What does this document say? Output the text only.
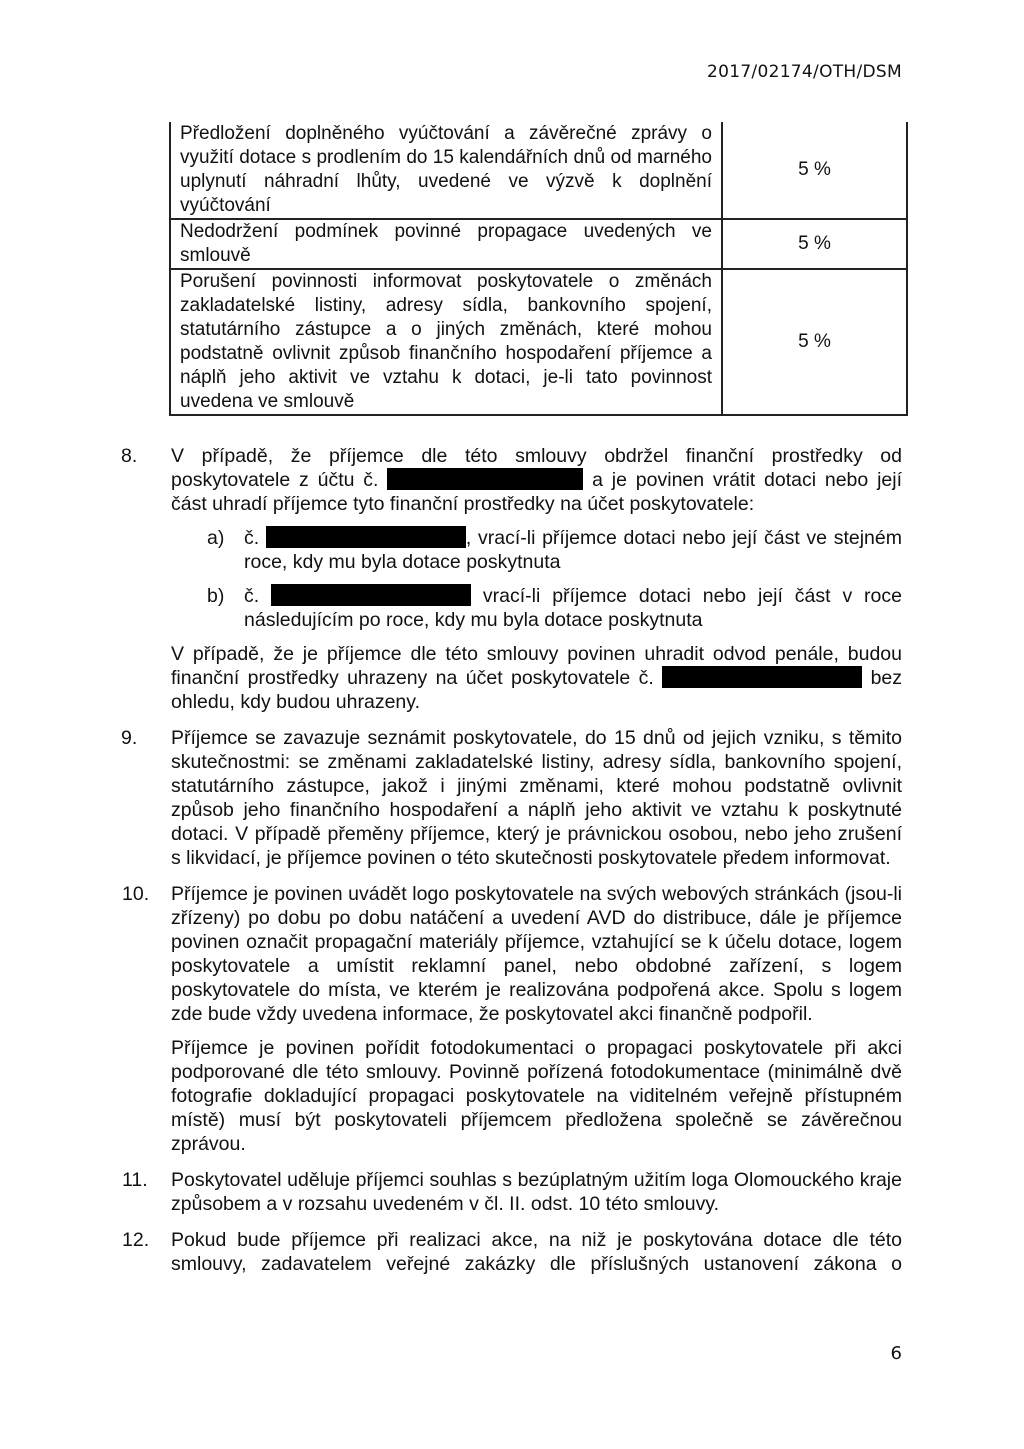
2017/02174/OTH/DSM
Předložení doplněného vyúčtování a závěrečné zprávy o využití dotace s prodlením do 15 kalendářních dnů od marného uplynutí náhradní lhůty, uvedené ve výzvě k doplnění vyúčtování	5 %
Nedodržení podmínek povinné propagace uvedených ve smlouvě	5 %
Porušení povinnosti informovat poskytovatele o změnách zakladatelské listiny, adresy sídla, bankovního spojení, statutárního zástupce a o jiných změnách, které mohou podstatně ovlivnit způsob finančního hospodaření příjemce a náplň jeho aktivit ve vztahu k dotaci, je-li tato povinnost uvedena ve smlouvě	5 %
8. V případě, že příjemce dle této smlouvy obdržel finanční prostředky od poskytovatele z účtu č.	a je povinen vrátit dotaci nebo její část uhradí příjemce tyto finanční prostředky na účet poskytovatele:
a) č.	, vrací-li příjemce dotaci nebo její část ve stejném roce, kdy mu byla dotace poskytnuta
b) č.	vrací-li příjemce dotaci nebo její část v roce následujícím po roce, kdy mu byla dotace poskytnuta
V případě, že je příjemce dle této smlouvy povinen uhradit odvod penále, budou finanční prostředky uhrazeny na účet poskytovatele č.	bez ohledu, kdy budou uhrazeny.
9. Příjemce se zavazuje seznámit poskytovatele, do 15 dnů od jejich vzniku, s těmito skutečnostmi: se změnami zakladatelské listiny, adresy sídla, bankovního spojení, statutárního zástupce, jakož i jinými změnami, které mohou podstatně ovlivnit způsob jeho finančního hospodaření a náplň jeho aktivit ve vztahu k poskytnuté dotaci. V případě přeměny příjemce, který je právnickou osobou, nebo jeho zrušení s likvidací, je příjemce povinen o této skutečnosti poskytovatele předem informovat.
10. Příjemce je povinen uvádět logo poskytovatele na svých webových stránkách (jsou-li zřízeny) po dobu po dobu natáčení a uvedení AVD do distribuce, dále je příjemce povinen označit propagační materiály příjemce, vztahující se k účelu dotace, logem poskytovatele a umístit reklamní panel, nebo obdobné zařízení, s logem poskytovatele do místa, ve kterém je realizována podpořená akce. Spolu s logem zde bude vždy uvedena informace, že poskytovatel akci finančně podpořil.
Příjemce je povinen pořídit fotodokumentaci o propagaci poskytovatele při akci podporované dle této smlouvy. Povinně pořízená fotodokumentace (minimálně dvě fotografie dokladující propagaci poskytovatele na viditelném veřejně přístupném místě) musí být poskytovateli příjemcem předložena společně se závěrečnou zprávou.
11. Poskytovatel uděluje příjemci souhlas s bezúplatným užitím loga Olomouckého kraje způsobem a v rozsahu uvedeném v čl. II. odst. 10 této smlouvy.
12. Pokud bude příjemce při realizaci akce, na niž je poskytována dotace dle této smlouvy, zadavatelem veřejné zakázky dle příslušných ustanovení zákona o
6
